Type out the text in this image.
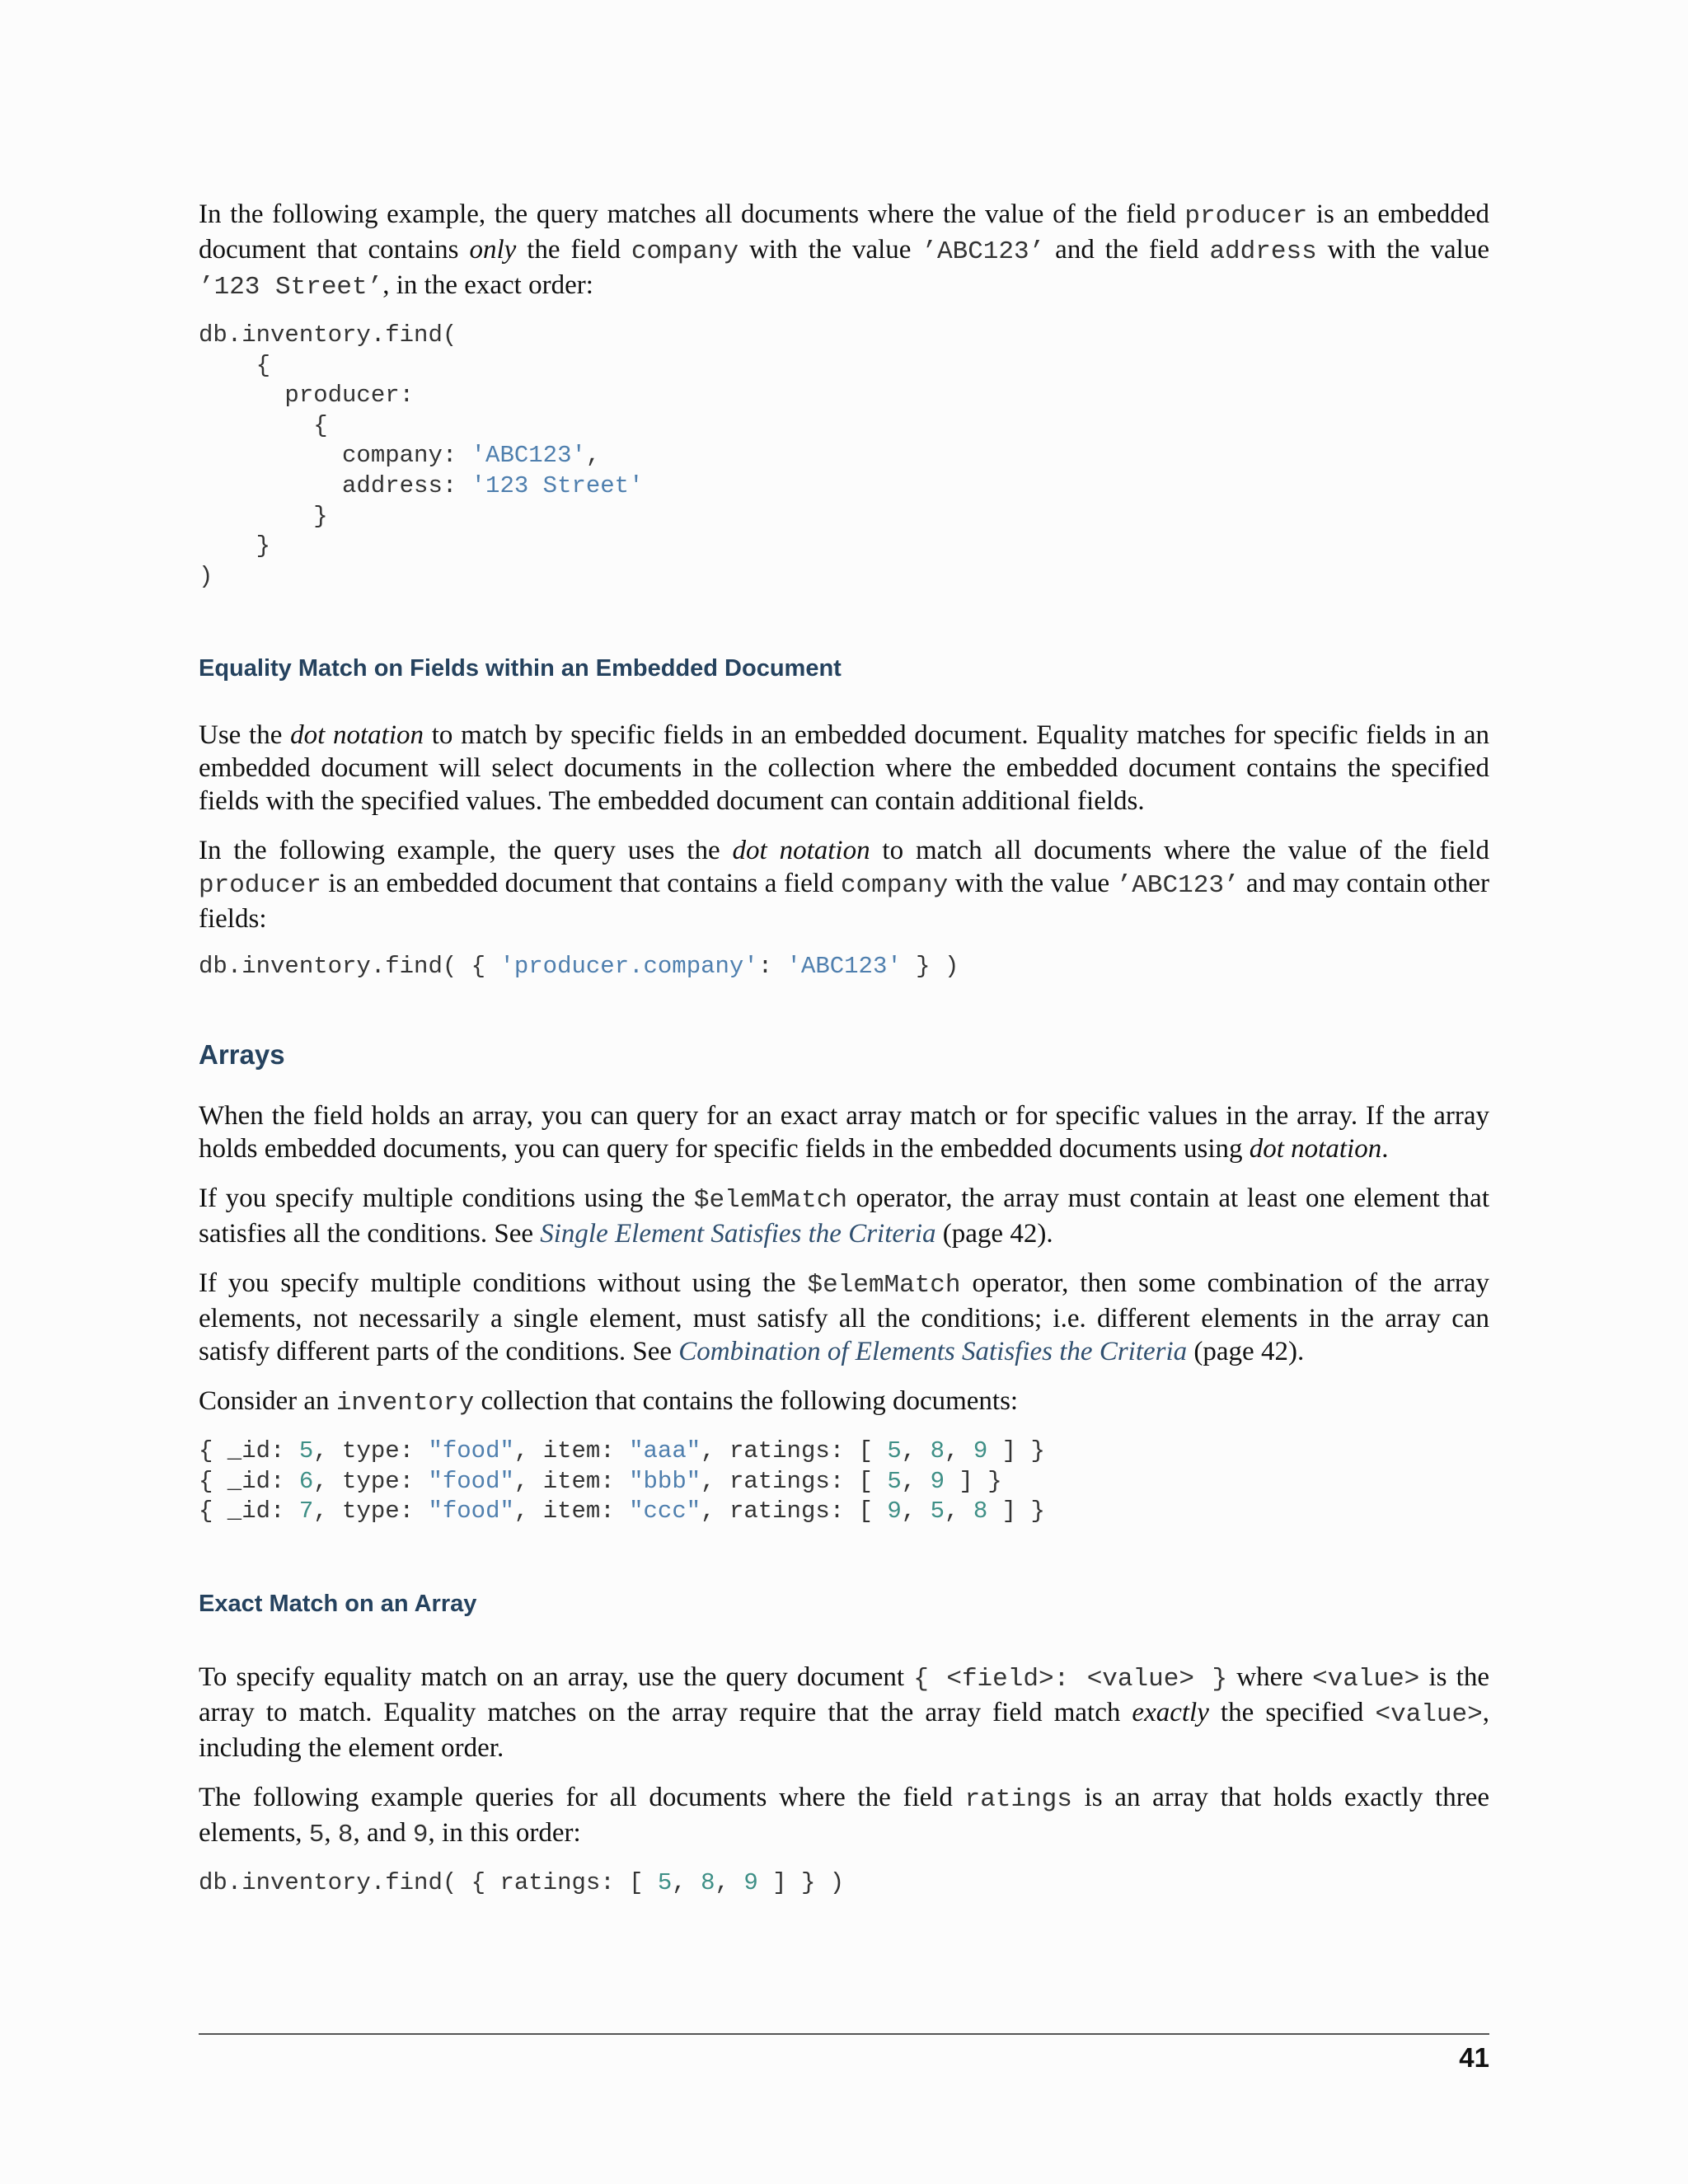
In the following example, the query matches all documents where the value of the field producer is an embedded document that contains only the field company with the value ’ABC123’ and the field address with the value ’123 Street’, in the exact order:

db.inventory.find(
{
producer:
{
company: 'ABC123',
address: '123 Street'
}
}
)
Equality Match on Fields within an Embedded Document

Use the dot notation to match by specific fields in an embedded document. Equality matches for specific fields in an embedded document will select documents in the collection where the embedded document contains the specified fields with the specified values. The embedded document can contain additional fields.

In the following example, the query uses the dot notation to match all documents where the value of the field producer is an embedded document that contains a field company with the value ’ABC123’ and may contain other fields:

db.inventory.find( { 'producer.company': 'ABC123' } )
Arrays

When the field holds an array, you can query for an exact array match or for specific values in the array. If the array holds embedded documents, you can query for specific fields in the embedded documents using dot notation.

If you specify multiple conditions using the $elemMatch operator, the array must contain at least one element that satisfies all the conditions. See Single Element Satisfies the Criteria (page 42).

If you specify multiple conditions without using the $elemMatch operator, then some combination of the array elements, not necessarily a single element, must satisfy all the conditions; i.e. different elements in the array can satisfy different parts of the conditions. See Combination of Elements Satisfies the Criteria (page 42).

Consider an inventory collection that contains the following documents:

{ _id: 5, type: "food", item: "aaa", ratings: [ 5, 8, 9 ] }
{ _id: 6, type: "food", item: "bbb", ratings: [ 5, 9 ] }
{ _id: 7, type: "food", item: "ccc", ratings: [ 9, 5, 8 ] }
Exact Match on an Array

To specify equality match on an array, use the query document { <field>: <value> } where <value> is the array to match. Equality matches on the array require that the array field match exactly the specified <value>, including the element order.

The following example queries for all documents where the field ratings is an array that holds exactly three elements, 5, 8, and 9, in this order:

db.inventory.find( { ratings: [ 5, 8, 9 ] } )
41
